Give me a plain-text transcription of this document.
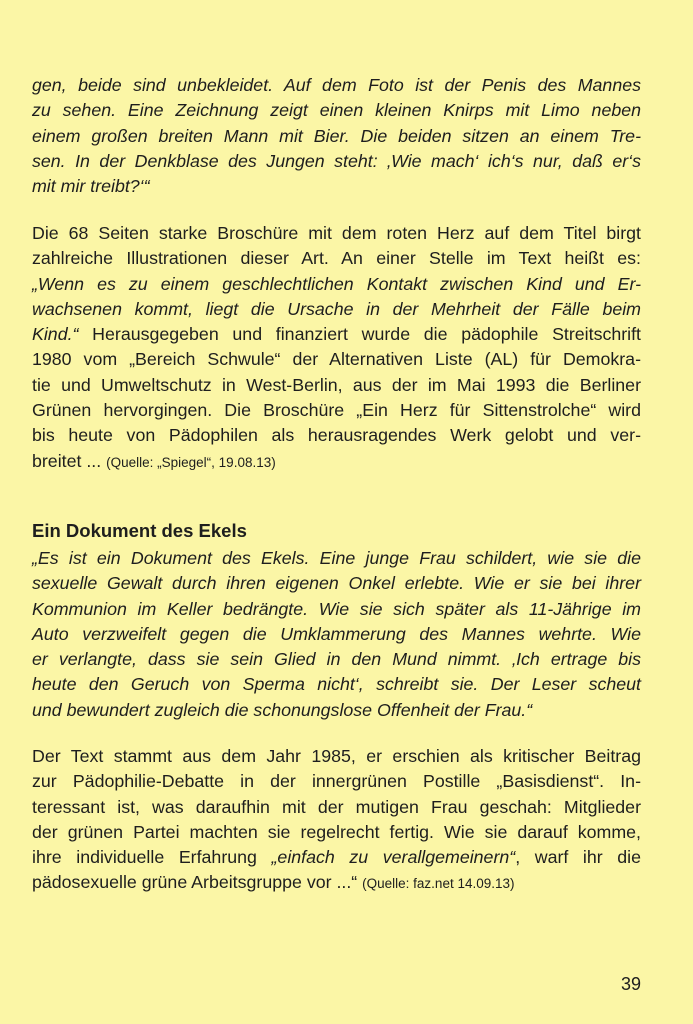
gen, beide sind unbekleidet. Auf dem Foto ist der Penis des Mannes
zu sehen. Eine Zeichnung zeigt einen kleinen Knirps mit Limo neben
einem großen breiten Mann mit Bier. Die beiden sitzen an einem Tre-
sen. In der Denkblase des Jungen steht: ‚Wie mach‘ ich‘s nur, daß er‘s
mit mir treibt?‘“

Die 68 Seiten starke Broschüre mit dem roten Herz auf dem Titel birgt
zahlreiche Illustrationen dieser Art. An einer Stelle im Text heißt es:
„Wenn es zu einem geschlechtlichen Kontakt zwischen Kind und Er-
wachsenen kommt, liegt die Ursache in der Mehrheit der Fälle beim
Kind.“ Herausgegeben und finanziert wurde die pädophile Streitschrift
1980 vom „Bereich Schwule“ der Alternativen Liste (AL) für Demokra-
tie und Umweltschutz in West-Berlin, aus der im Mai 1993 die Berliner
Grünen hervorgingen. Die Broschüre „Ein Herz für Sittenstrolche“ wird
bis heute von Pädophilen als herausragendes Werk gelobt und ver-
breitet ... (Quelle: „Spiegel“, 19.08.13)

Ein Dokument des Ekels

„Es ist ein Dokument des Ekels. Eine junge Frau schildert, wie sie die
sexuelle Gewalt durch ihren eigenen Onkel erlebte. Wie er sie bei ihrer
Kommunion im Keller bedrängte. Wie sie sich später als 11-Jährige im
Auto verzweifelt gegen die Umklammerung des Mannes wehrte. Wie
er verlangte, dass sie sein Glied in den Mund nimmt. ‚Ich ertrage bis
heute den Geruch von Sperma nicht‘, schreibt sie. Der Leser scheut
und bewundert zugleich die schonungslose Offenheit der Frau.“

Der Text stammt aus dem Jahr 1985, er erschien als kritischer Beitrag
zur Pädophilie-Debatte in der innergrünen Postille „Basisdienst“. In-
teressant ist, was daraufhin mit der mutigen Frau geschah: Mitglieder
der grünen Partei machten sie regelrecht fertig. Wie sie darauf komme,
ihre individuelle Erfahrung „einfach zu verallgemeinern“, warf ihr die
pädosexuelle grüne Arbeitsgruppe vor ...“ (Quelle: faz.net 14.09.13)

39
